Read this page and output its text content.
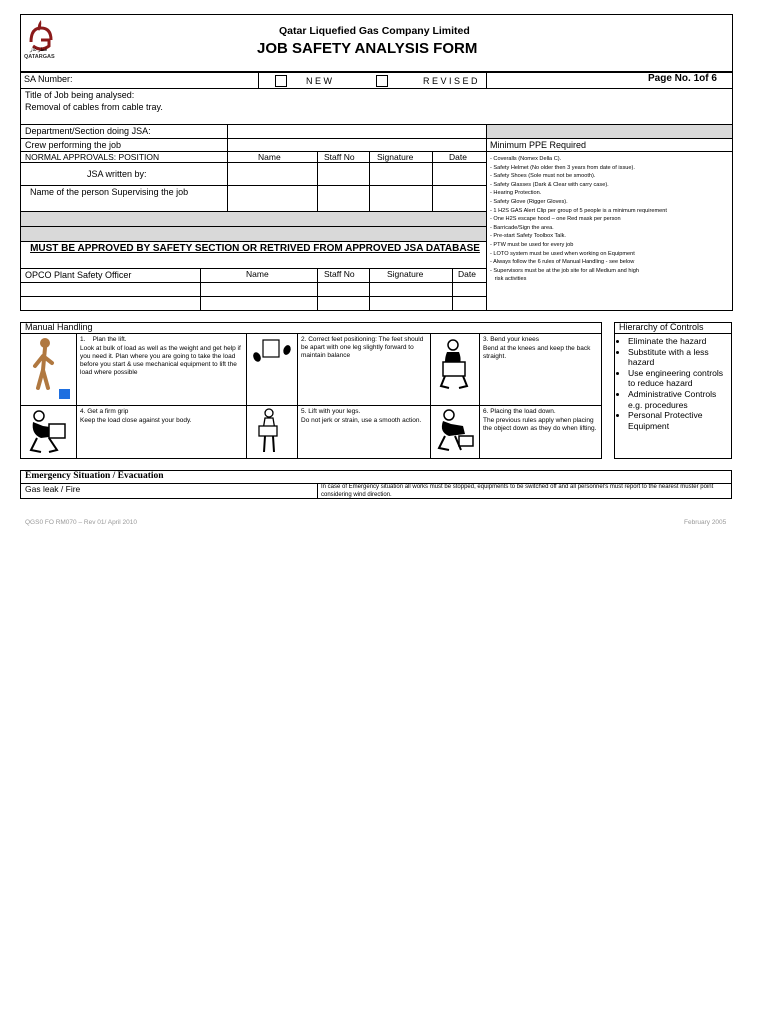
قطر غاز
QATARGAS
Qatar Liquefied Gas Company Limited
JOB SAFETY ANALYSIS FORM
SA Number:	N E W	R E V I S E D	Page No. 1of 6
Title of Job being analysed:
Removal of cables from cable tray.
Department/Section doing JSA:
Crew performing the job	Minimum PPE Required
NORMAL APPROVALS: POSITION	Name	Staff No	Signature	Date
JSA written by:
Name of the person Supervising the job
MUST BE APPROVED BY SAFETY SECTION OR RETRIVED FROM APPROVED JSA DATABASE
OPCO Plant Safety Officer	Name	Staff No	Signature	Date
- Coveralls (Nomex Della C).
- Safety Helmet (No older then 3 years from date of issue).
- Safety Shoes (Sole must not be smooth).
- Safety Glasses (Dark & Clear with carry case).
- Hearing Protection.
- Safety Glove (Rigger Gloves).
- 1 H2S GAS Alert Clip per group of 5 people is a minimum requirement
- One H2S escape hood – one Red mask per person
- Barricade/Sign the area.
- Pre-start Safety Toolbox Talk.
- PTW must be used for every job
- LOTO system must be used when working on Equipment
- Always follow the 6 rules of Manual Handling - see below
- Supervisors must be at the job site for all Medium and high
risk activities
Manual Handling
1.    Plan the lift.
Look at bulk of load as well as the weight and get help if you need it. Plan where you are going to take the load before you start & use mechanical equipment to lift the load where possible
2. Correct feet positioning: The feet should be apart with one leg slightly forward to maintain balance
3. Bend your knees
Bend at the knees and keep the back straight.
4. Get a firm grip
Keep the load close against your body.
5. Lift with your legs.
Do not jerk or strain, use a smooth action.
6. Placing the load down.
The previous rules apply when placing the object down as they do when lifting.
Hierarchy of Controls
• Eliminate the hazard
• Substitute with a less hazard
• Use engineering controls to reduce hazard
• Administrative Controls e.g. procedures
• Personal Protective Equipment
Emergency Situation / Evacuation
Gas leak / Fire	In case of Emergency situation all works must be stopped, equipments to be switched off and all personnel's must report to the nearest muster point considering wind direction.
QGS0 FO RM070 – Rev 01/ April 2010	February 2005
